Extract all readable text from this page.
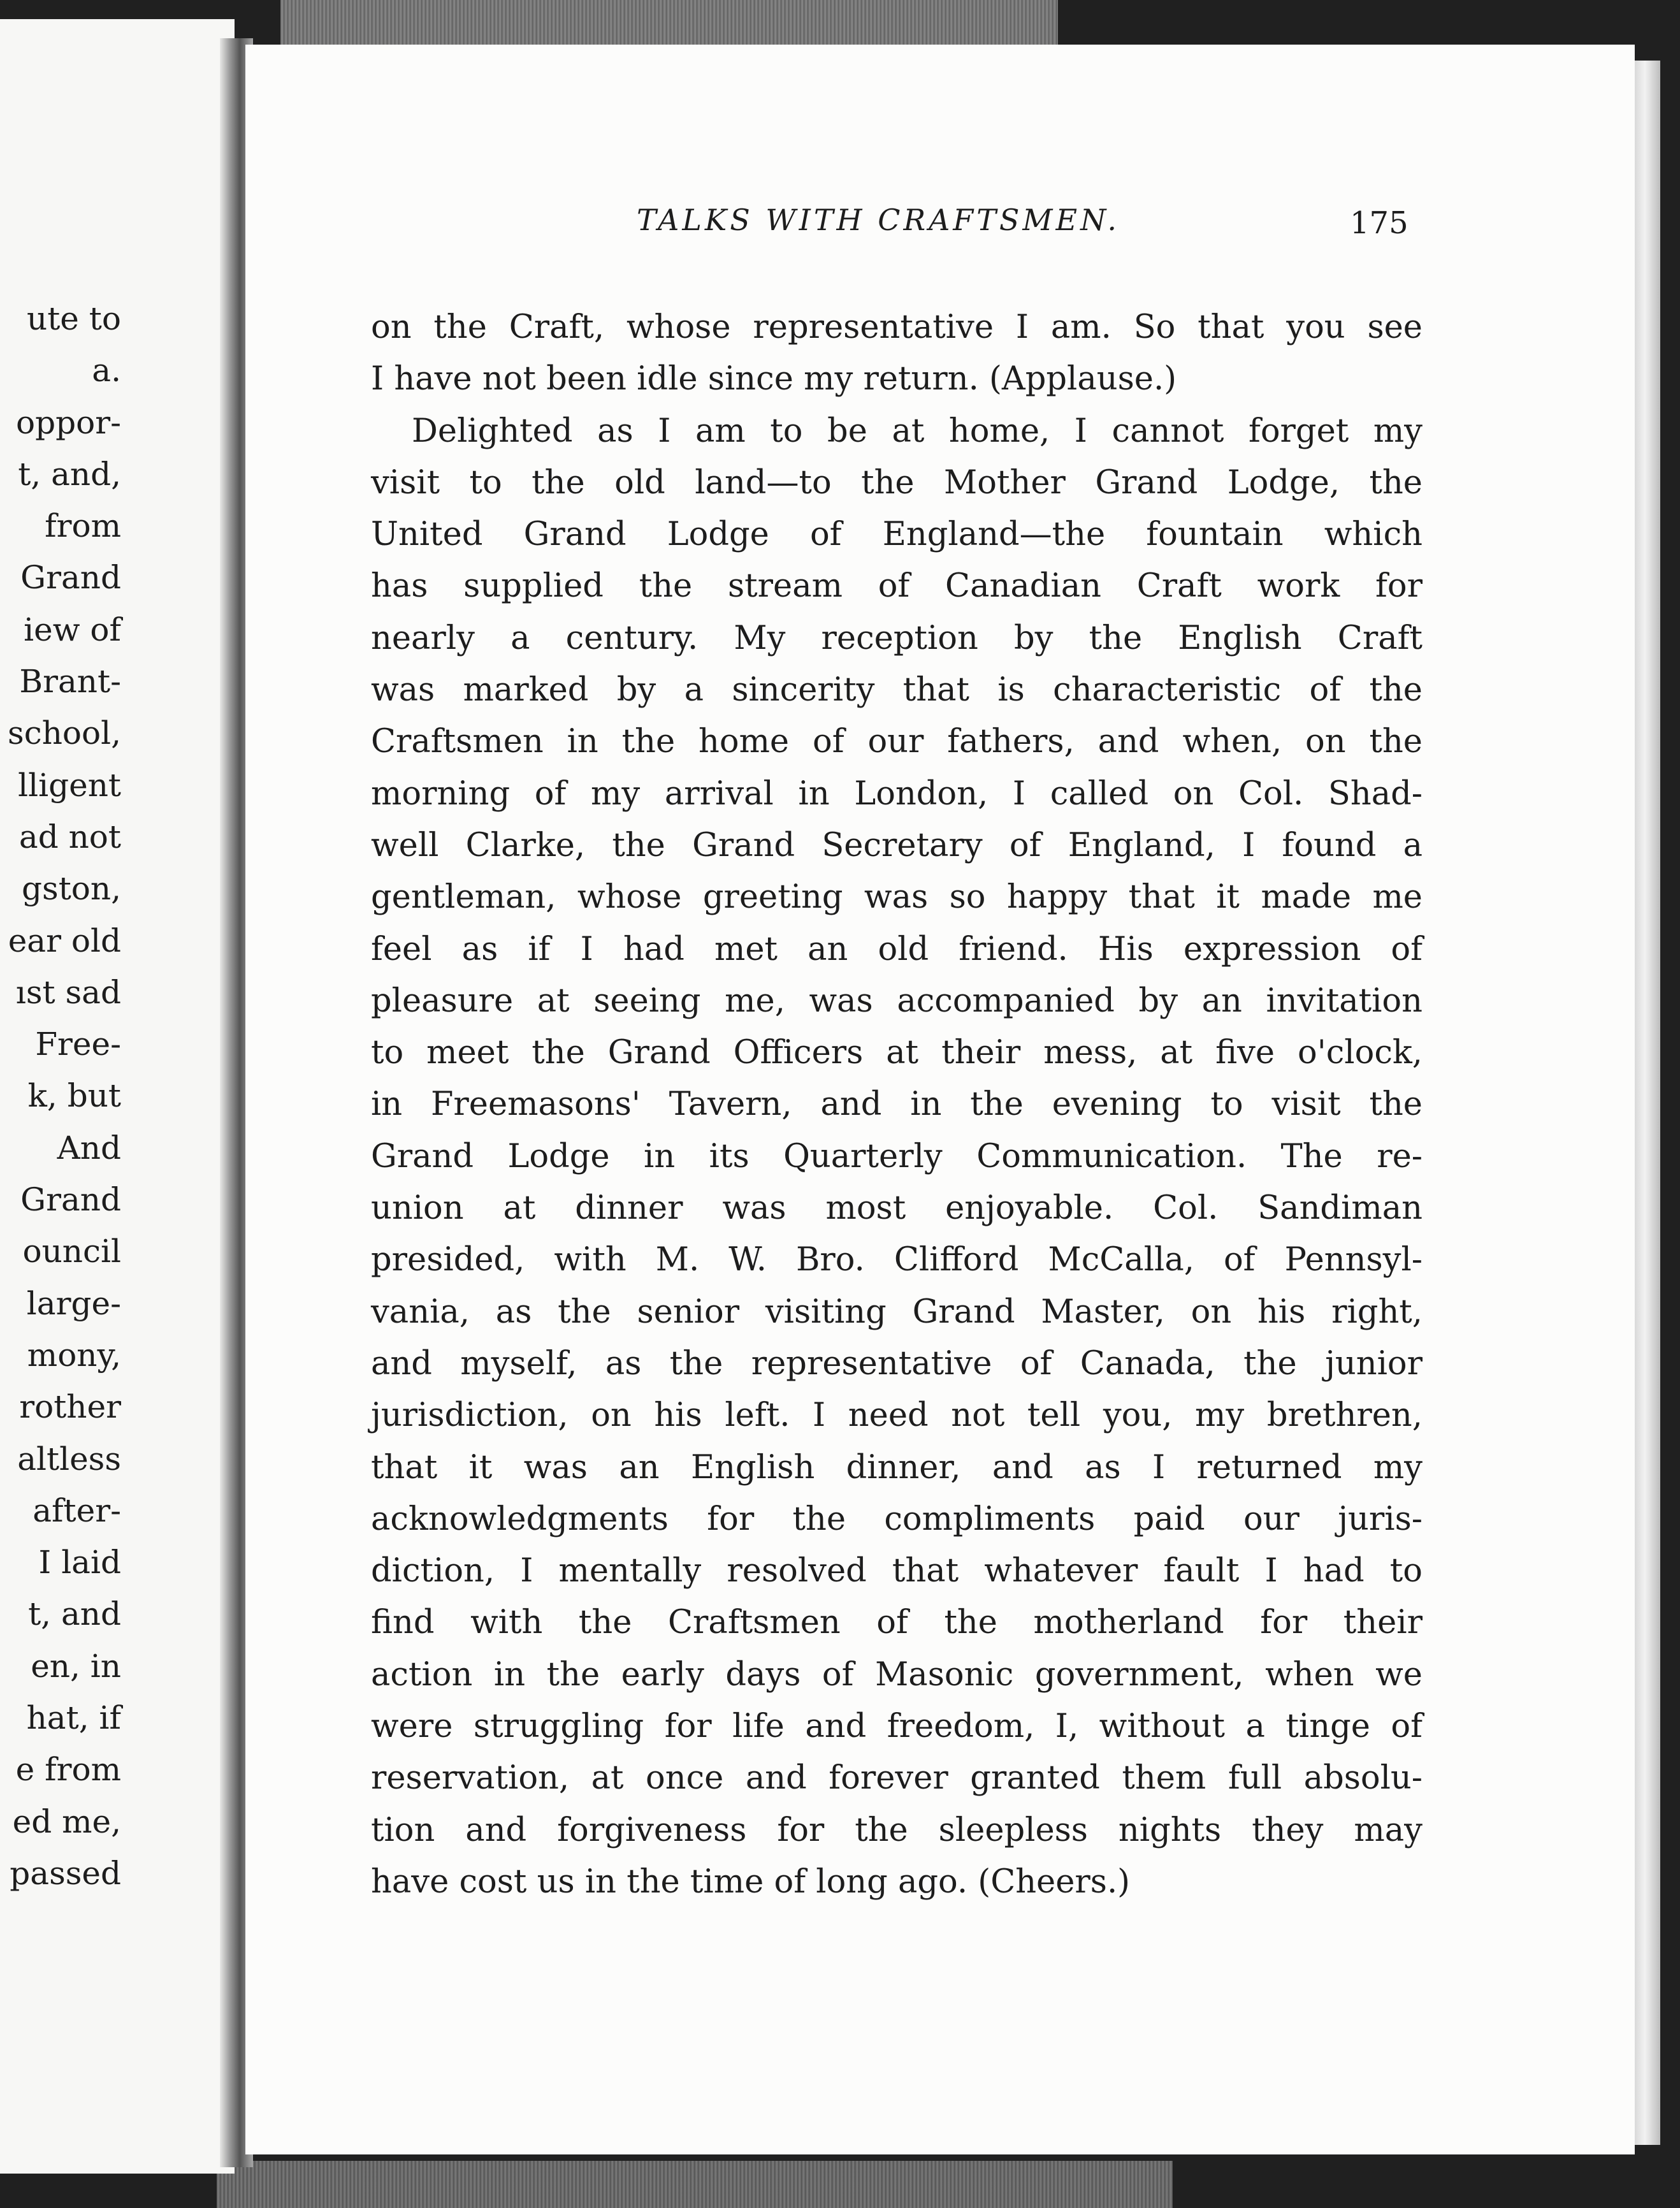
ute to
a.
oppor-
t, and,
from
Grand
iew of
Brant-
school,
lligent
ad not
gston,
ear old
ıst sad
Free-
k, but
And
Grand
ouncil
large-
mony,
rother
altless
after-
I laid
t, and
en, in
hat, if
e from
ed me,
passed
TALKS WITH CRAFTSMEN.	175
on the Craft, whose representative I am. So that you see
I have not been idle since my return. (Applause.)
Delighted as I am to be at home, I cannot forget my
visit to the old land—to the Mother Grand Lodge, the
United Grand Lodge of England—the fountain which
has supplied the stream of Canadian Craft work for
nearly a century. My reception by the English Craft
was marked by a sincerity that is characteristic of the
Craftsmen in the home of our fathers, and when, on the
morning of my arrival in London, I called on Col. Shad-
well Clarke, the Grand Secretary of England, I found a
gentleman, whose greeting was so happy that it made me
feel as if I had met an old friend. His expression of
pleasure at seeing me, was accompanied by an invitation
to meet the Grand Officers at their mess, at five o'clock,
in Freemasons' Tavern, and in the evening to visit the
Grand Lodge in its Quarterly Communication. The re-
union at dinner was most enjoyable. Col. Sandiman
presided, with M. W. Bro. Clifford McCalla, of Pennsyl-
vania, as the senior visiting Grand Master, on his right,
and myself, as the representative of Canada, the junior
jurisdiction, on his left. I need not tell you, my brethren,
that it was an English dinner, and as I returned my
acknowledgments for the compliments paid our juris-
diction, I mentally resolved that whatever fault I had to
find with the Craftsmen of the motherland for their
action in the early days of Masonic government, when we
were struggling for life and freedom, I, without a tinge of
reservation, at once and forever granted them full absolu-
tion and forgiveness for the sleepless nights they may
have cost us in the time of long ago. (Cheers.)
